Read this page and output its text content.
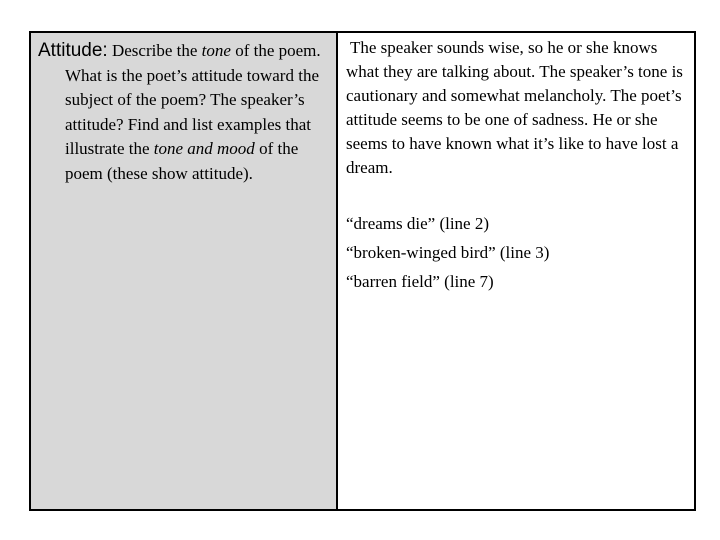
Attitude: Describe the tone of the poem. What is the poet’s attitude toward the subject of the poem? The speaker’s attitude? Find and list examples that illustrate the tone and mood of the poem (these show attitude).

The speaker sounds wise, so he or she knows what they are talking about. The speaker’s tone is cautionary and somewhat melancholy. The poet’s attitude seems to be one of sadness. He or she seems to have known what it’s like to have lost a dream.

“dreams die” (line 2)
“broken-winged bird” (line 3)
“barren field” (line 7)
